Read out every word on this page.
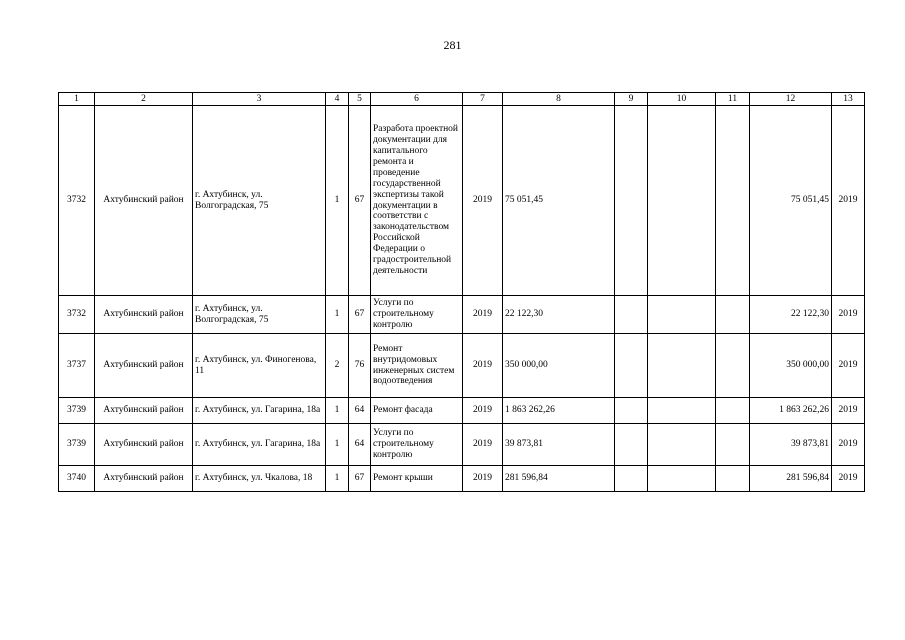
281
1	2	3	4	5	6	7	8	9	10	11	12	13
3732	Ахтубинский район	г. Ахтубинск, ул. Волгоградская, 75	1	67	Разработа проектной документации для капитального ремонта и проведение государственной экспертизы такой документации в соответстви с законодательством Российской Федерации о градостроительной деятельности	2019	75 051,45				75 051,45	2019
3732	Ахтубинский район	г. Ахтубинск, ул. Волгоградская, 75	1	67	Услуги по строительному контролю	2019	22 122,30				22 122,30	2019
3737	Ахтубинский район	г. Ахтубинск, ул. Финогенова, 11	2	76	Ремонт внутридомовых инженерных систем водоотведения	2019	350 000,00				350 000,00	2019
3739	Ахтубинский район	г. Ахтубинск, ул. Гагарина, 18а	1	64	Ремонт фасада	2019	1 863 262,26				1 863 262,26	2019
3739	Ахтубинский район	г. Ахтубинск, ул. Гагарина, 18а	1	64	Услуги по строительному контролю	2019	39 873,81				39 873,81	2019
3740	Ахтубинский район	г. Ахтубинск, ул. Чкалова, 18	1	67	Ремонт крыши	2019	281 596,84				281 596,84	2019
